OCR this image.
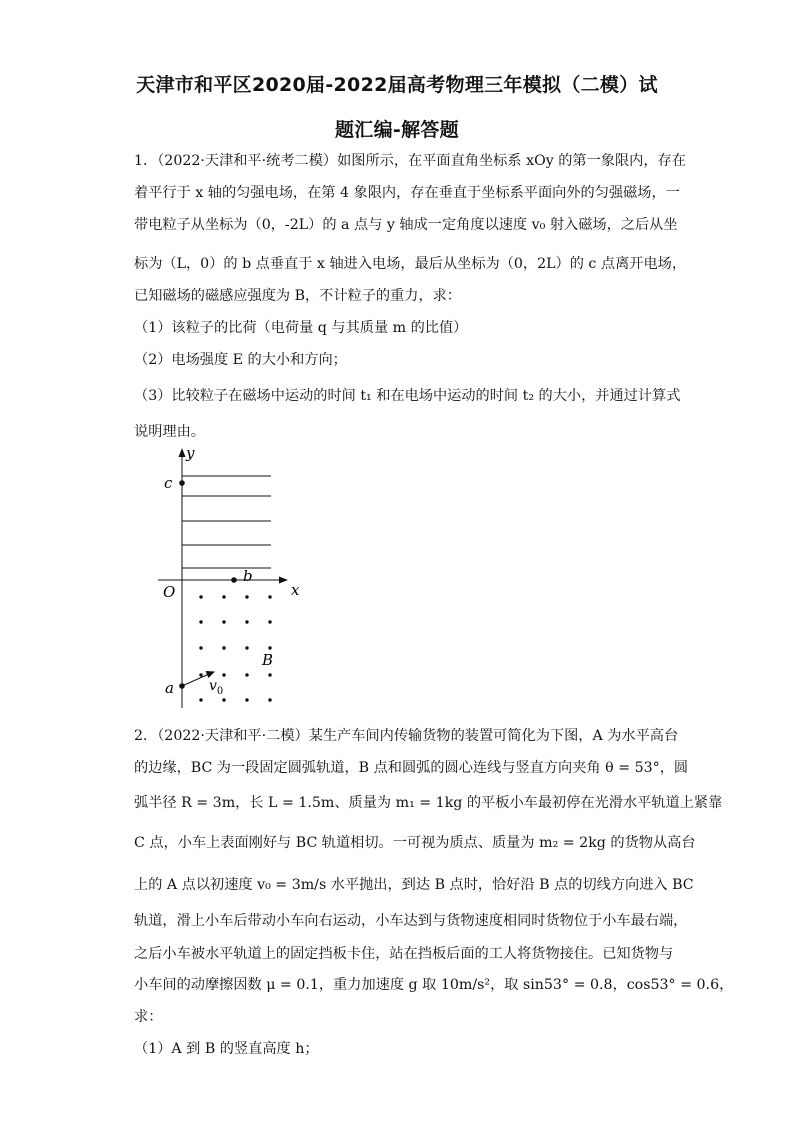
天津市和平区2020届-2022届高考物理三年模拟（二模）试
题汇编-解答题
1．（2022·天津和平·统考二模）如图所示，在平面直角坐标系 xOy 的第一象限内，存在
着平行于 x 轴的匀强电场，在第 4 象限内，存在垂直于坐标系平面向外的匀强磁场，一
带电粒子从坐标为（0，-2L）的 a 点与 y 轴成一定角度以速度 v₀ 射入磁场，之后从坐
标为（L，0）的 b 点垂直于 x 轴进入电场，最后从坐标为（0，2L）的 c 点离开电场，
已知磁场的磁感应强度为 B，不计粒子的重力，求：
（1）该粒子的比荷（电荷量 q 与其质量 m 的比值）
（2）电场强度 E 的大小和方向；
（3）比较粒子在磁场中运动的时间 t₁ 和在电场中运动的时间 t₂ 的大小，并通过计算式
说明理由。
y
x
O
c
b
a
B
$v_0$
2．（2022·天津和平·二模）某生产车间内传输货物的装置可简化为下图，A 为水平高台
的边缘，BC 为一段固定圆弧轨道，B 点和圆弧的圆心连线与竖直方向夹角 θ = 53°，圆
弧半径 R = 3m，长 L = 1.5m、质量为 m₁ = 1kg 的平板小车最初停在光滑水平轨道上紧靠
C 点，小车上表面刚好与 BC 轨道相切。一可视为质点、质量为 m₂ = 2kg 的货物从高台
上的 A 点以初速度 v₀ = 3m/s 水平抛出，到达 B 点时，恰好沿 B 点的切线方向进入 BC
轨道，滑上小车后带动小车向右运动，小车达到与货物速度相同时货物位于小车最右端，
之后小车被水平轨道上的固定挡板卡住，站在挡板后面的工人将货物接住。已知货物与
小车间的动摩擦因数 μ = 0.1，重力加速度 g 取 10m/s²，取 sin53° = 0.8，cos53° = 0.6，
求：
（1）A 到 B 的竖直高度 h；
